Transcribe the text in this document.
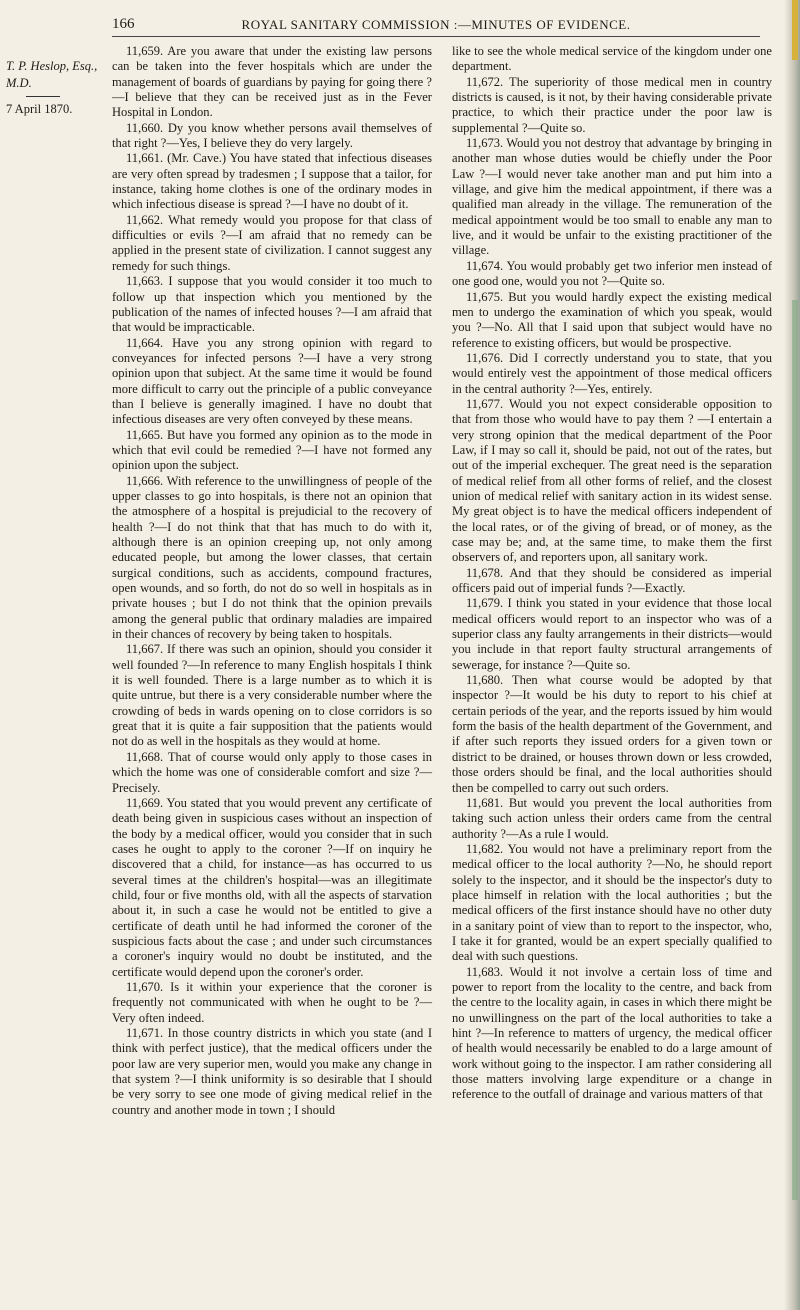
166	ROYAL SANITARY COMMISSION :—MINUTES OF EVIDENCE.
T. P. Heslop, Esq., M.D.
7 April 1870.

11,659. Are you aware that under the existing law persons can be taken into the fever hospitals which are under the management of boards of guardians by paying for going there ?—I believe that they can be received just as in the Fever Hospital in London.

11,660. Dy you know whether persons avail themselves of that right ?—Yes, I believe they do very largely.

11,661. (Mr. Cave.) You have stated that infectious diseases are very often spread by tradesmen ; I suppose that a tailor, for instance, taking home clothes is one of the ordinary modes in which infectious disease is spread ?—I have no doubt of it.

11,662. What remedy would you propose for that class of difficulties or evils ?—I am afraid that no remedy can be applied in the present state of civilization. I cannot suggest any remedy for such things.

11,663. I suppose that you would consider it too much to follow up that inspection which you mentioned by the publication of the names of infected houses ?—I am afraid that that would be impracticable.

11,664. Have you any strong opinion with regard to conveyances for infected persons ?—I have a very strong opinion upon that subject. At the same time it would be found more difficult to carry out the principle of a public conveyance than I believe is generally imagined. I have no doubt that infectious diseases are very often conveyed by these means.

11,665. But have you formed any opinion as to the mode in which that evil could be remedied ?—I have not formed any opinion upon the subject.

11,666. With reference to the unwillingness of people of the upper classes to go into hospitals, is there not an opinion that the atmosphere of a hospital is prejudicial to the recovery of health ?—I do not think that that has much to do with it, although there is an opinion creeping up, not only among educated people, but among the lower classes, that certain surgical conditions, such as accidents, compound fractures, open wounds, and so forth, do not do so well in hospitals as in private houses ; but I do not think that the opinion prevails among the general public that ordinary maladies are impaired in their chances of recovery by being taken to hospitals.

11,667. If there was such an opinion, should you consider it well founded ?—In reference to many English hospitals I think it is well founded. There is a large number as to which it is quite untrue, but there is a very considerable number where the crowding of beds in wards opening on to close corridors is so great that it is quite a fair supposition that the patients would not do as well in the hospitals as they would at home.

11,668. That of course would only apply to those cases in which the home was one of considerable comfort and size ?—Precisely.

11,669. You stated that you would prevent any certificate of death being given in suspicious cases without an inspection of the body by a medical officer, would you consider that in such cases he ought to apply to the coroner ?—If on inquiry he discovered that a child, for instance—as has occurred to us several times at the children's hospital—was an illegitimate child, four or five months old, with all the aspects of starvation about it, in such a case he would not be entitled to give a certificate of death until he had informed the coroner of the suspicious facts about the case ; and under such circumstances a coroner's inquiry would no doubt be instituted, and the certificate would depend upon the coroner's order.

11,670. Is it within your experience that the coroner is frequently not communicated with when he ought to be ?—Very often indeed.

11,671. In those country districts in which you state (and I think with perfect justice), that the medical officers under the poor law are very superior men, would you make any change in that system ?—I think uniformity is so desirable that I should be very sorry to see one mode of giving medical relief in the country and another mode in town ; I should

like to see the whole medical service of the kingdom under one department.

11,672. The superiority of those medical men in country districts is caused, is it not, by their having considerable private practice, to which their practice under the poor law is supplemental ?—Quite so.

11,673. Would you not destroy that advantage by bringing in another man whose duties would be chiefly under the Poor Law ?—I would never take another man and put him into a village, and give him the medical appointment, if there was a qualified man already in the village. The remuneration of the medical appointment would be too small to enable any man to live, and it would be unfair to the existing practitioner of the village.

11,674. You would probably get two inferior men instead of one good one, would you not ?—Quite so.

11,675. But you would hardly expect the existing medical men to undergo the examination of which you speak, would you ?—No. All that I said upon that subject would have no reference to existing officers, but would be prospective.

11,676. Did I correctly understand you to state, that you would entirely vest the appointment of those medical officers in the central authority ?—Yes, entirely.

11,677. Would you not expect considerable opposition to that from those who would have to pay them ? —I entertain a very strong opinion that the medical department of the Poor Law, if I may so call it, should be paid, not out of the rates, but out of the imperial exchequer. The great need is the separation of medical relief from all other forms of relief, and the closest union of medical relief with sanitary action in its widest sense. My great object is to have the medical officers independent of the local rates, or of the giving of bread, or of money, as the case may be; and, at the same time, to make them the first observers of, and reporters upon, all sanitary work.

11,678. And that they should be considered as imperial officers paid out of imperial funds ?—Exactly.

11,679. I think you stated in your evidence that those local medical officers would report to an inspector who was of a superior class any faulty arrangements in their districts—would you include in that report faulty structural arrangements of sewerage, for instance ?—Quite so.

11,680. Then what course would be adopted by that inspector ?—It would be his duty to report to his chief at certain periods of the year, and the reports issued by him would form the basis of the health department of the Government, and if after such reports they issued orders for a given town or district to be drained, or houses thrown down or less crowded, those orders should be final, and the local authorities should then be compelled to carry out such orders.

11,681. But would you prevent the local authorities from taking such action unless their orders came from the central authority ?—As a rule I would.

11,682. You would not have a preliminary report from the medical officer to the local authority ?—No, he should report solely to the inspector, and it should be the inspector's duty to place himself in relation with the local authorities ; but the medical officers of the first instance should have no other duty in a sanitary point of view than to report to the inspector, who, I take it for granted, would be an expert specially qualified to deal with such questions.

11,683. Would it not involve a certain loss of time and power to report from the locality to the centre, and back from the centre to the locality again, in cases in which there might be no unwillingness on the part of the local authorities to take a hint ?—In reference to matters of urgency, the medical officer of health would necessarily be enabled to do a large amount of work without going to the inspector. I am rather considering all those matters involving large expenditure or a change in reference to the outfall of drainage and various matters of that
